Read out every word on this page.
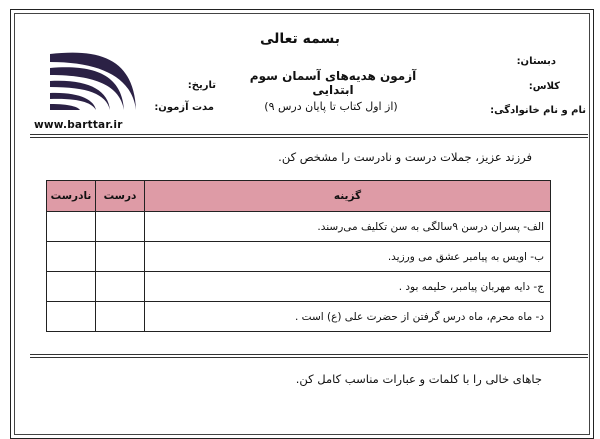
بسمه تعالی
آزمون هدیه‌های آسمان سوم ابتدایی
(از اول کتاب تا پایان درس ۹)
دبستان:
کلاس:
نام و نام خانوادگی:
تاریخ:
مدت آزمون:
www.barttar.ir
فرزند عزیز، جملات درست و نادرست را مشخص کن.
نادرست	درست	گزینه
		الف- پسران درسن ۹سالگی به سن تکلیف می‌رسند.
		ب- اویس به پیامبر عشق می ورزید.
		ج- دایه مهربان پیامبر، حلیمه بود .
		د- ماه محرم، ماه درس گرفتن از حضرت علی (ع) است .
جاهای خالی را با کلمات و عبارات مناسب کامل کن.
